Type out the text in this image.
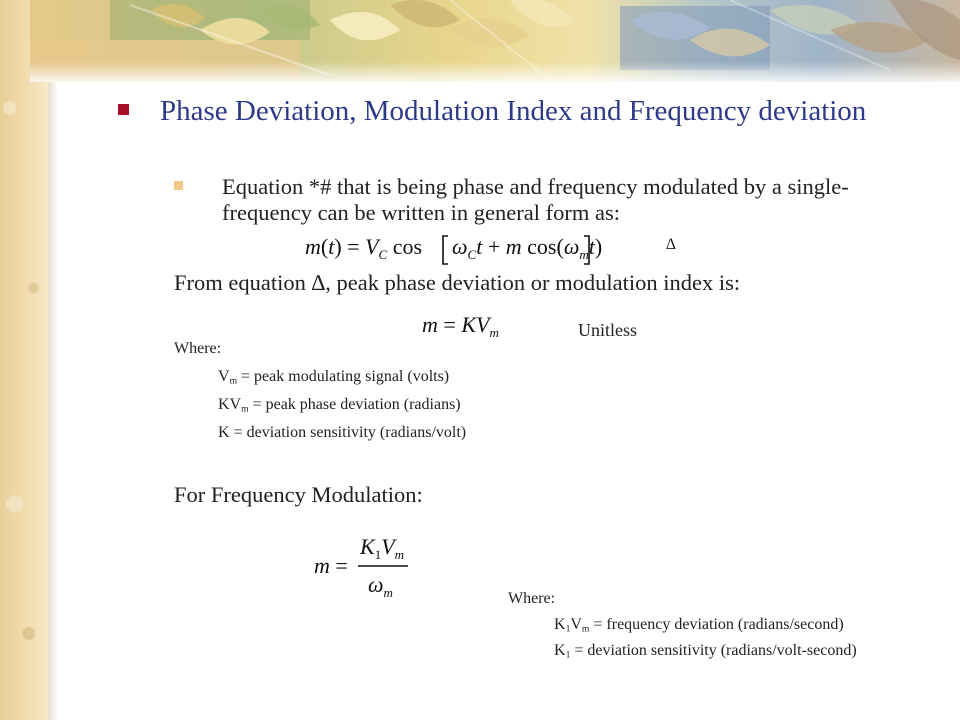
Phase Deviation, Modulation Index and Frequency deviation
Equation *# that is being phase and frequency modulated by a single-frequency can be written in general form as:
$m(t) = V_C$ $\cos \omega_Ct + m$ $\cos(\omega_mt)$	∆
From equation ∆, peak phase deviation or modulation index is:
$m = KV_m$	Unitless
Where:
$V_m$ = peak modulating signal (volts)
$KV_m$ = peak phase deviation (radians)
K = deviation sensitivity (radians/volt)
For Frequency Modulation:
m =
$K_1V_m$
$\omega_m$	Where:
$K_1V_m$ = frequency deviation (radians/second)
$K_1$ = deviation sensitivity (radians/volt-second)
